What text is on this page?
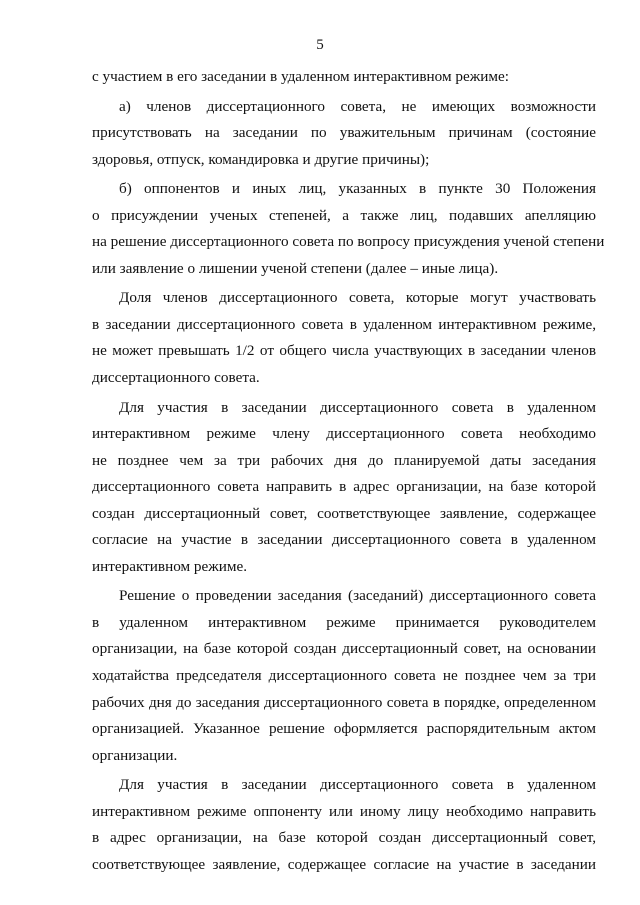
5
с участием в его заседании в удаленном интерактивном режиме:
а) членов диссертационного совета, не имеющих возможности
присутствовать на заседании по уважительным причинам (состояние
здоровья, отпуск, командировка и другие причины);
б) оппонентов и иных лиц, указанных в пункте 30 Положения
о присуждении ученых степеней, а также лиц, подавших апелляцию
на решение диссертационного совета по вопросу присуждения ученой степени
или заявление о лишении ученой степени (далее – иные лица).
Доля членов диссертационного совета, которые могут участвовать
в заседании диссертационного совета в удаленном интерактивном режиме,
не может превышать 1/2 от общего числа участвующих в заседании членов
диссертационного совета.
Для участия в заседании диссертационного совета в удаленном
интерактивном режиме члену диссертационного совета необходимо
не позднее чем за три рабочих дня до планируемой даты заседания
диссертационного совета направить в адрес организации, на базе которой
создан диссертационный совет, соответствующее заявление, содержащее
согласие на участие в заседании диссертационного совета в удаленном
интерактивном режиме.
Решение о проведении заседания (заседаний) диссертационного совета
в удаленном интерактивном режиме принимается руководителем
организации, на базе которой создан диссертационный совет, на основании
ходатайства председателя диссертационного совета не позднее чем за три
рабочих дня до заседания диссертационного совета в порядке, определенном
организацией. Указанное решение оформляется распорядительным актом
организации.
Для участия в заседании диссертационного совета в удаленном
интерактивном режиме оппоненту или иному лицу необходимо направить
в адрес организации, на базе которой создан диссертационный совет,
соответствующее заявление, содержащее согласие на участие в заседании
